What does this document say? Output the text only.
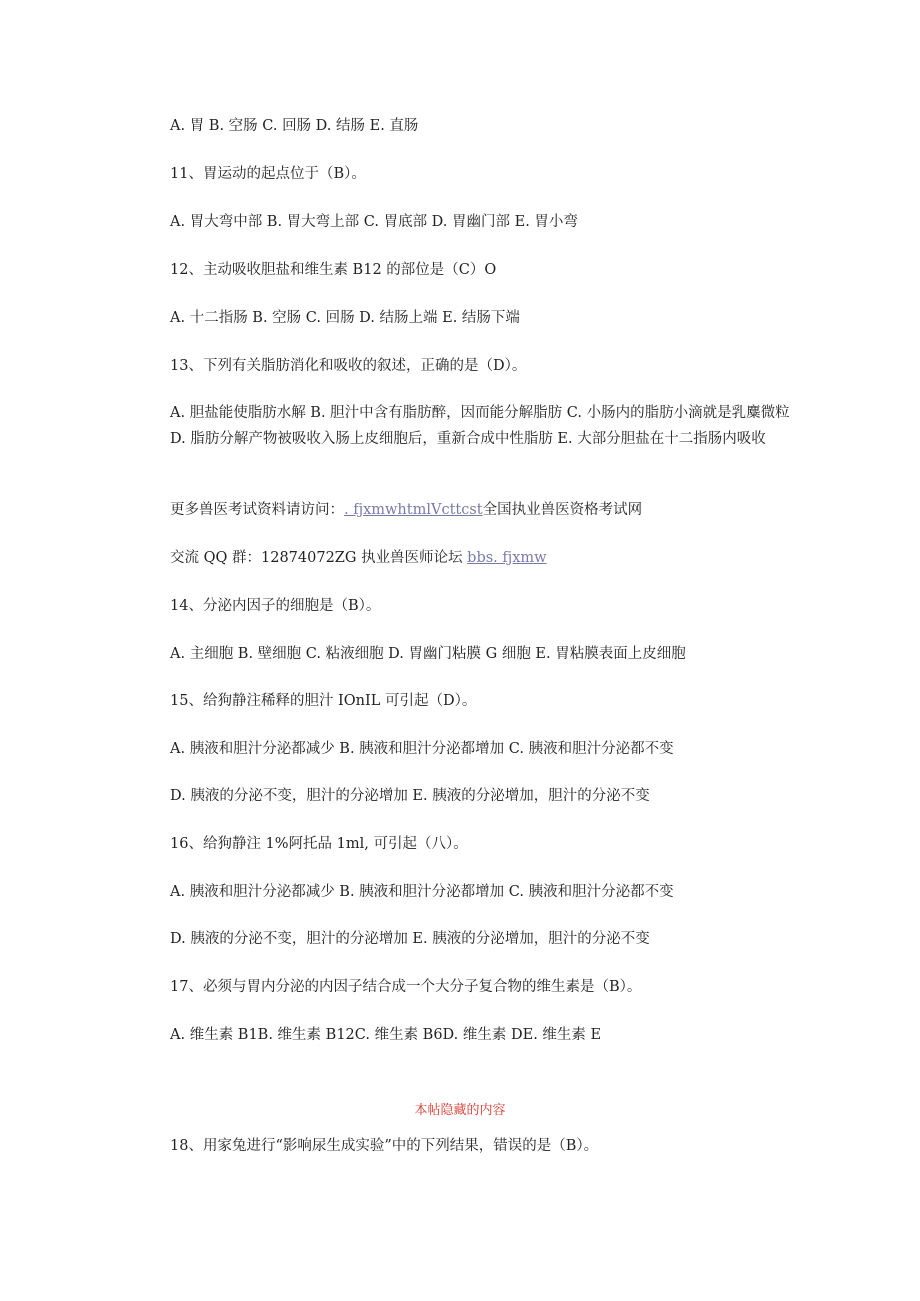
A. 胃 B. 空肠 C. 回肠 D. 结肠 E. 直肠
11、胃运动的起点位于（B）。
A. 胃大弯中部 B. 胃大弯上部 C. 胃底部 D. 胃幽门部 E. 胃小弯
12、主动吸收胆盐和维生素 B12 的部位是（C）O
A. 十二指肠 B. 空肠 C. 回肠 D. 结肠上端 E. 结肠下端
13、下列有关脂肪消化和吸收的叙述，正确的是（D）。
A. 胆盐能使脂肪水解 B. 胆汁中含有脂肪醉，因而能分解脂肪 C. 小肠内的脂肪小滴就是乳麋微粒 D. 脂肪分解产物被吸收入肠上皮细胞后，重新合成中性脂肪 E. 大部分胆盐在十二指肠内吸收
更多兽医考试资料请访问：. fjxmwhtmlVcttcst全国执业兽医资格考试网
交流 QQ 群：12874072ZG 执业兽医师论坛 bbs. fjxmw
14、分泌内因子的细胞是（B）。
A. 主细胞 B. 壁细胞 C. 粘液细胞 D. 胃幽门粘膜 G 细胞 E. 胃粘膜表面上皮细胞
15、给狗静注稀释的胆汁 IOnIL 可引起（D）。
A. 胰液和胆汁分泌都减少 B. 胰液和胆汁分泌都增加 C. 胰液和胆汁分泌都不变
D. 胰液的分泌不变，胆汁的分泌增加 E. 胰液的分泌增加，胆汁的分泌不变
16、给狗静注 1%阿托品 1ml, 可引起（八）。
A. 胰液和胆汁分泌都减少 B. 胰液和胆汁分泌都增加 C. 胰液和胆汁分泌都不变
D. 胰液的分泌不变，胆汁的分泌增加 E. 胰液的分泌增加，胆汁的分泌不变
17、必须与胃内分泌的内因子结合成一个大分子复合物的维生素是（B）。
A. 维生素 B1B. 维生素 B12C. 维生素 B6D. 维生素 DE. 维生素 E
本帖隐藏的内容
18、用家兔进行“影响尿生成实验”中的下列结果，错误的是（B）。
